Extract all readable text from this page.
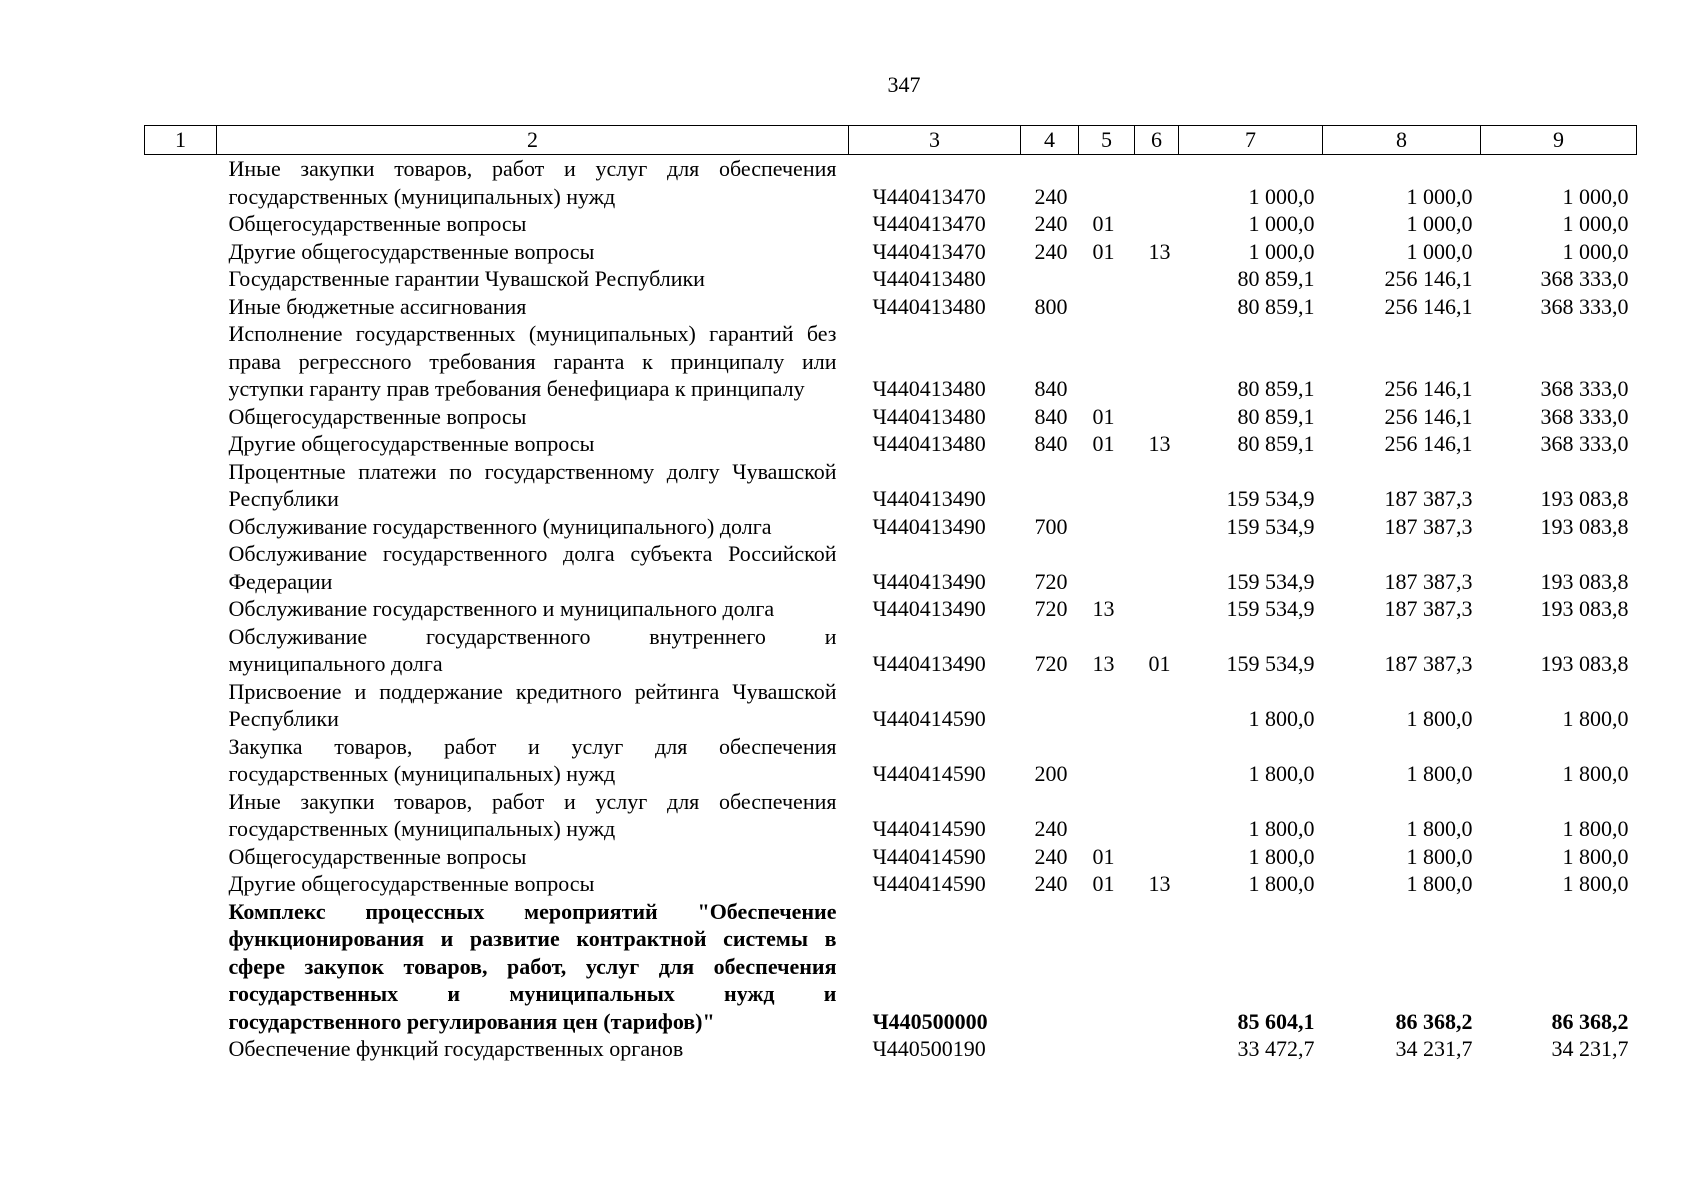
347
1	2	3	4	5	6	7	8	9
	Иные закупки товаров, работ и услуг для обеспечения государственных (муниципальных) нужд	Ч440413470	240			1 000,0	1 000,0	1 000,0
	Общегосударственные вопросы	Ч440413470	240	01		1 000,0	1 000,0	1 000,0
	Другие общегосударственные вопросы	Ч440413470	240	01	13	1 000,0	1 000,0	1 000,0
	Государственные гарантии Чувашской Республики	Ч440413480				80 859,1	256 146,1	368 333,0
	Иные бюджетные ассигнования	Ч440413480	800			80 859,1	256 146,1	368 333,0
	Исполнение государственных (муниципальных) гарантий без права регрессного требования гаранта к принципалу или уступки гаранту прав требования бенефициара к принципалу	Ч440413480	840			80 859,1	256 146,1	368 333,0
	Общегосударственные вопросы	Ч440413480	840	01		80 859,1	256 146,1	368 333,0
	Другие общегосударственные вопросы	Ч440413480	840	01	13	80 859,1	256 146,1	368 333,0
	Процентные платежи по государственному долгу Чувашской Республики	Ч440413490				159 534,9	187 387,3	193 083,8
	Обслуживание государственного (муниципального) долга	Ч440413490	700			159 534,9	187 387,3	193 083,8
	Обслуживание государственного долга субъекта Российской Федерации	Ч440413490	720			159 534,9	187 387,3	193 083,8
	Обслуживание государственного и муниципального долга	Ч440413490	720	13		159 534,9	187 387,3	193 083,8
	Обслуживание государственного внутреннего и муниципального долга	Ч440413490	720	13	01	159 534,9	187 387,3	193 083,8
	Присвоение и поддержание кредитного рейтинга Чувашской Республики	Ч440414590				1 800,0	1 800,0	1 800,0
	Закупка товаров, работ и услуг для обеспечения государственных (муниципальных) нужд	Ч440414590	200			1 800,0	1 800,0	1 800,0
	Иные закупки товаров, работ и услуг для обеспечения государственных (муниципальных) нужд	Ч440414590	240			1 800,0	1 800,0	1 800,0
	Общегосударственные вопросы	Ч440414590	240	01		1 800,0	1 800,0	1 800,0
	Другие общегосударственные вопросы	Ч440414590	240	01	13	1 800,0	1 800,0	1 800,0
	Комплекс процессных мероприятий "Обеспечение функционирования и развитие контрактной системы в сфере закупок товаров, работ, услуг для обеспечения государственных и муниципальных нужд и государственного регулирования цен (тарифов)"	Ч440500000				85 604,1	86 368,2	86 368,2
	Обеспечение функций государственных органов	Ч440500190				33 472,7	34 231,7	34 231,7
